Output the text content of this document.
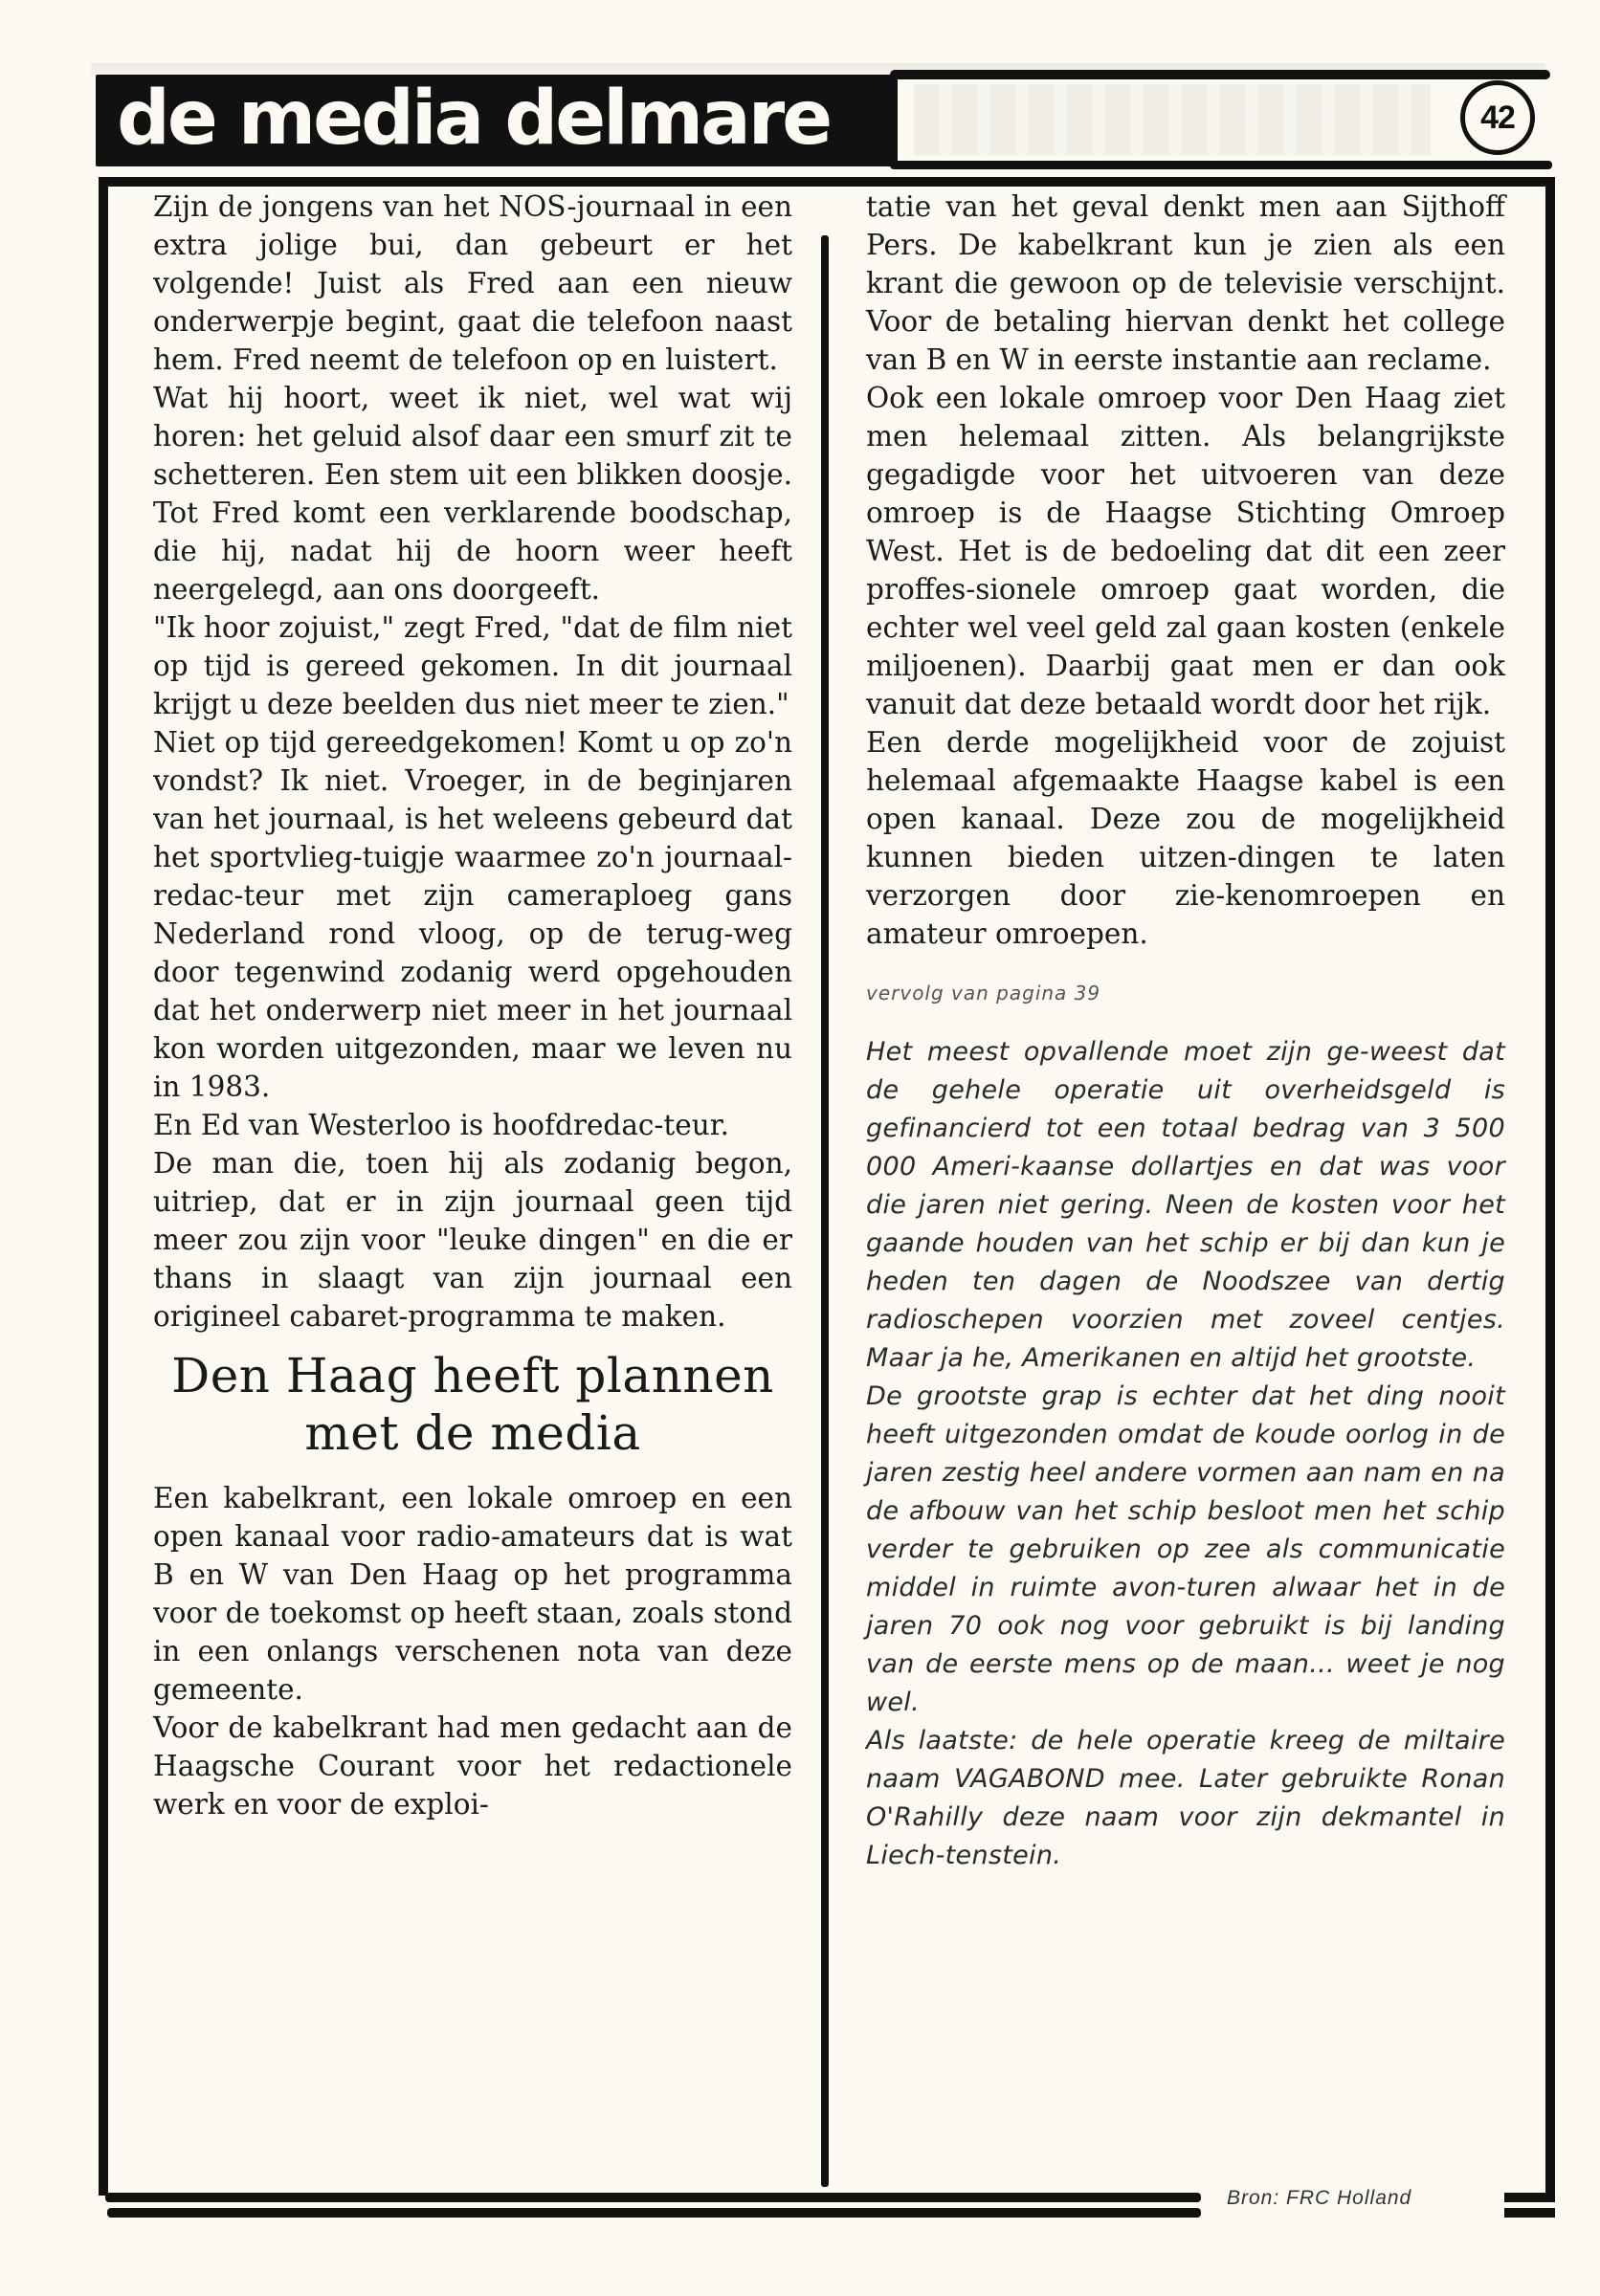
de media delmare	42

Zijn de jongens van het NOS-journaal in een extra jolige bui, dan gebeurt er het volgende! Juist als Fred aan een nieuw onderwerpje begint, gaat die telefoon naast hem. Fred neemt de telefoon op en luistert.

Wat hij hoort, weet ik niet, wel wat wij horen: het geluid alsof daar een smurf zit te schetteren. Een stem uit een blikken doosje. Tot Fred komt een verklarende boodschap, die hij, nadat hij de hoorn weer heeft neergelegd, aan ons doorgeeft.

"Ik hoor zojuist," zegt Fred, "dat de film niet op tijd is gereed gekomen. In dit journaal krijgt u deze beelden dus niet meer te zien."

Niet op tijd gereedgekomen! Komt u op zo'n vondst? Ik niet. Vroeger, in de beginjaren van het journaal, is het weleens gebeurd dat het sportvlieg-tuigje waarmee zo'n journaal-redac-teur met zijn cameraploeg gans Nederland rond vloog, op de terug-weg door tegenwind zodanig werd opgehouden dat het onderwerp niet meer in het journaal kon worden uitgezonden, maar we leven nu in 1983.

En Ed van Westerloo is hoofdredac-teur.

De man die, toen hij als zodanig begon, uitriep, dat er in zijn journaal geen tijd meer zou zijn voor "leuke dingen" en die er thans in slaagt van zijn journaal een origineel cabaret-programma te maken.

Den Haag heeft plannen met de media

Een kabelkrant, een lokale omroep en een open kanaal voor radio-amateurs dat is wat B en W van Den Haag op het programma voor de toekomst op heeft staan, zoals stond in een onlangs verschenen nota van deze gemeente.

Voor de kabelkrant had men gedacht aan de Haagsche Courant voor het redactionele werk en voor de exploi-

tatie van het geval denkt men aan Sijthoff Pers. De kabelkrant kun je zien als een krant die gewoon op de televisie verschijnt. Voor de betaling hiervan denkt het college van B en W in eerste instantie aan reclame.

Ook een lokale omroep voor Den Haag ziet men helemaal zitten. Als belangrijkste gegadigde voor het uitvoeren van deze omroep is de Haagse Stichting Omroep West. Het is de bedoeling dat dit een zeer proffes-sionele omroep gaat worden, die echter wel veel geld zal gaan kosten (enkele miljoenen). Daarbij gaat men er dan ook vanuit dat deze betaald wordt door het rijk.

Een derde mogelijkheid voor de zojuist helemaal afgemaakte Haagse kabel is een open kanaal. Deze zou de mogelijkheid kunnen bieden uitzen-dingen te laten verzorgen door zie-kenomroepen en amateur omroepen.

vervolg van pagina 39

Het meest opvallende moet zijn ge-weest dat de gehele operatie uit overheidsgeld is gefinancierd tot een totaal bedrag van 3 500 000 Ameri-kaanse dollartjes en dat was voor die jaren niet gering. Neen de kosten voor het gaande houden van het schip er bij dan kun je heden ten dagen de Noodszee van dertig radioschepen voorzien met zoveel centjes. Maar ja he, Amerikanen en altijd het grootste.

De grootste grap is echter dat het ding nooit heeft uitgezonden omdat de koude oorlog in de jaren zestig heel andere vormen aan nam en na de afbouw van het schip besloot men het schip verder te gebruiken op zee als communicatie middel in ruimte avon-turen alwaar het in de jaren 70 ook nog voor gebruikt is bij landing van de eerste mens op de maan... weet je nog wel.

Als laatste: de hele operatie kreeg de miltaire naam VAGABOND mee. Later gebruikte Ronan O'Rahilly deze naam voor zijn dekmantel in Liech-tenstein.

Bron: FRC Holland
